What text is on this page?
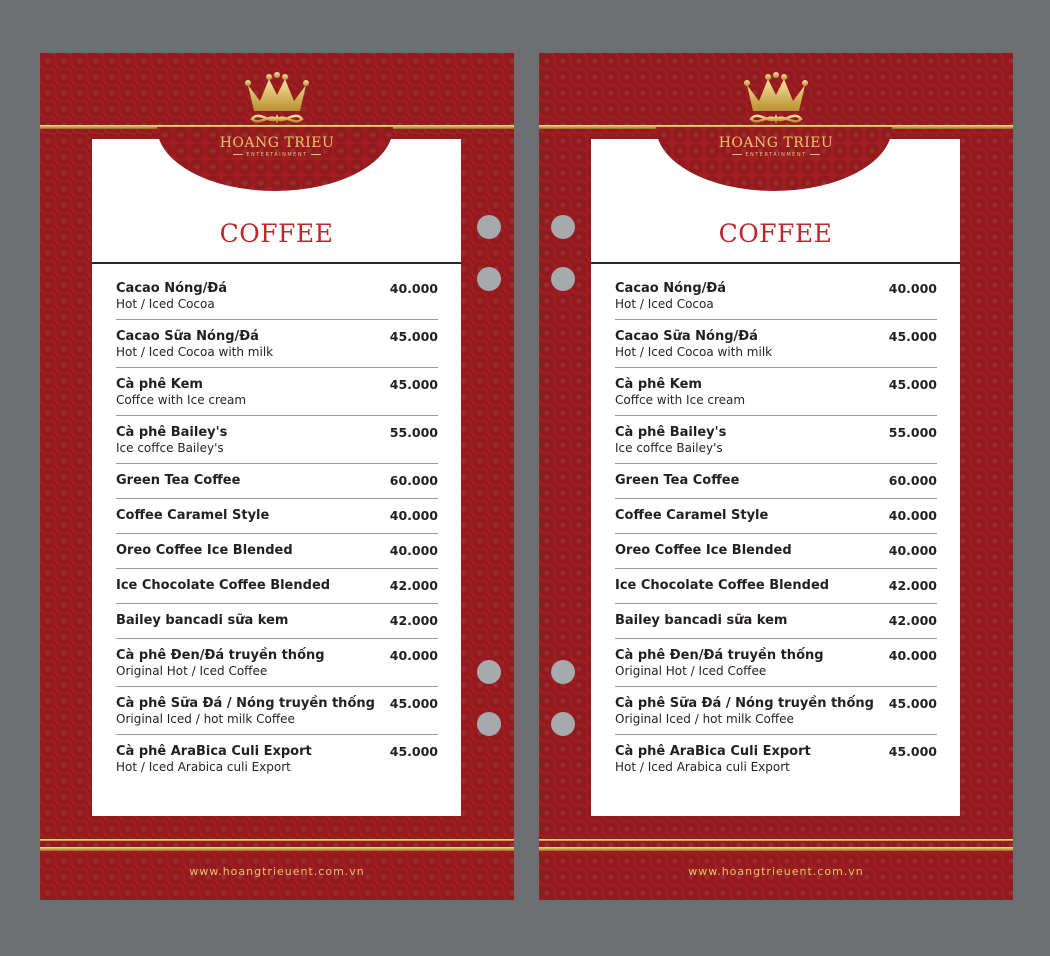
COFFEE
Cacao Nóng/Đá
Hot / Iced Cocoa
40.000
Cacao Sữa Nóng/Đá
Hot / Iced Cocoa with milk
45.000
Cà phê Kem
Coffce with Ice cream
45.000
Cà phê Bailey's
Ice coffce Bailey's
55.000
Green Tea Coffee	60.000
Coffee Caramel Style	40.000
Oreo Coffee Ice Blended	40.000
Ice Chocolate Coffee Blended	42.000
Bailey bancadi sữa kem	42.000
Cà phê Đen/Đá truyền thống
Original Hot / Iced Coffee
40.000
Cà phê Sữa Đá / Nóng truyền thống
Original Iced / hot milk Coffee
45.000
Cà phê AraBica Culi Export
Hot / Iced Arabica culi Export
45.000
HOANG TRIEU
ENTERTAINMENT
www.hoangtrieuent.com.vn
COFFEE
Cacao Nóng/Đá
Hot / Iced Cocoa
40.000
Cacao Sữa Nóng/Đá
Hot / Iced Cocoa with milk
45.000
Cà phê Kem
Coffce with Ice cream
45.000
Cà phê Bailey's
Ice coffce Bailey's
55.000
Green Tea Coffee	60.000
Coffee Caramel Style	40.000
Oreo Coffee Ice Blended	40.000
Ice Chocolate Coffee Blended	42.000
Bailey bancadi sữa kem	42.000
Cà phê Đen/Đá truyền thống
Original Hot / Iced Coffee
40.000
Cà phê Sữa Đá / Nóng truyền thống
Original Iced / hot milk Coffee
45.000
Cà phê AraBica Culi Export
Hot / Iced Arabica culi Export
45.000
HOANG TRIEU
ENTERTAINMENT
www.hoangtrieuent.com.vn
